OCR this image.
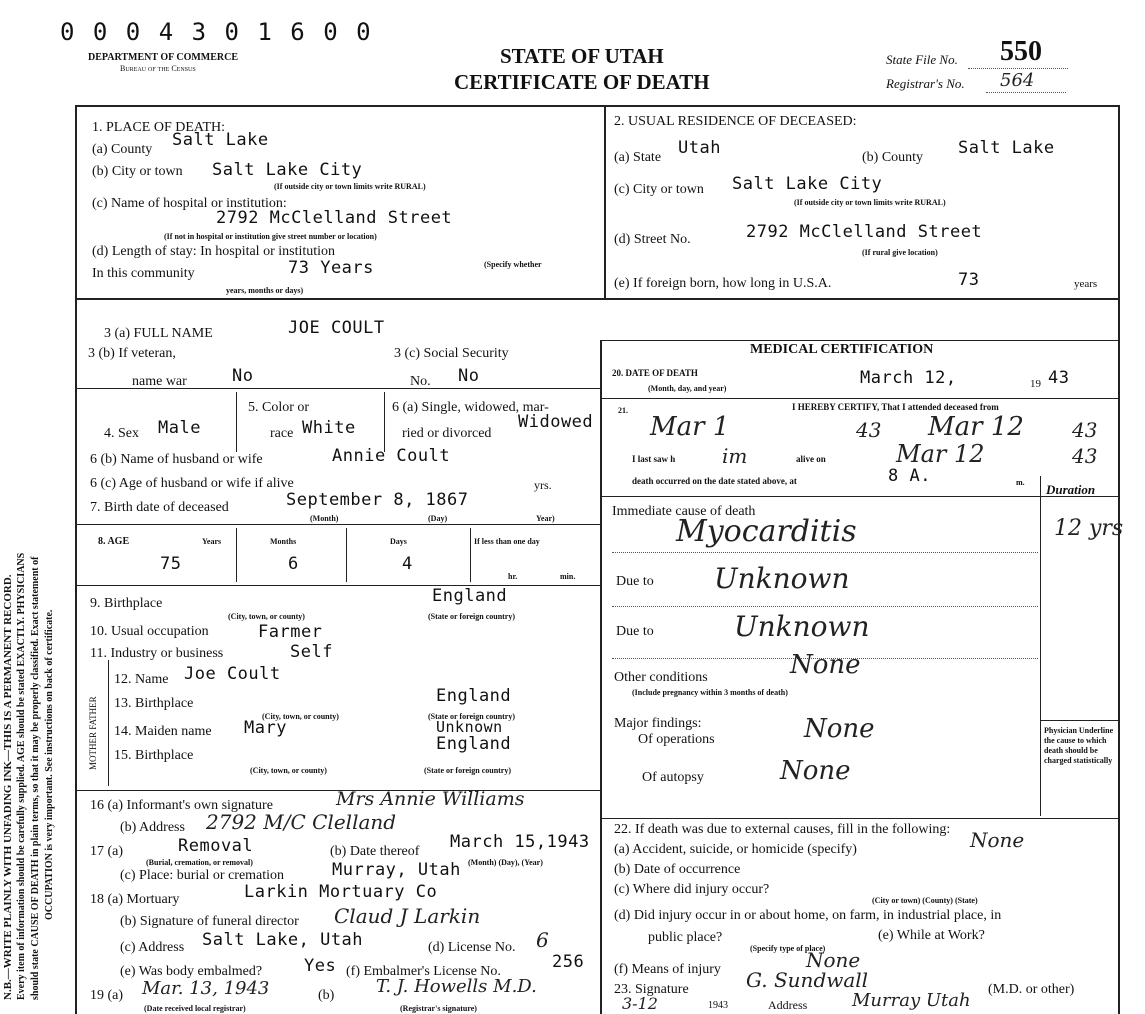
0 0 0 4 3 0 1 6 0 0
DEPARTMENT OF COMMERCE
Bureau of the Census
STATE OF UTAH
CERTIFICATE OF DEATH
State File No. 550
Registrar's No. 564
N.B.—WRITE PLAINLY WITH UNFADING INK—THIS IS A PERMANENT RECORD. Every item of information should be carefully supplied. AGE should be stated EXACTLY. PHYSICIANS should state CAUSE OF DEATH in plain terms, so that it may be properly classified. Exact statement of OCCUPATION is very important. See instructions on back of certificate.	MOTHER FATHER
1. PLACE OF DEATH:
(a) County Salt Lake
(b) City or town Salt Lake City
(If outside city or town limits write RURAL)
(c) Name of hospital or institution:
2792 McClelland Street
(If not in hospital or institution give street number or location)
(d) Length of stay: In hospital or institution
In this community	73 Years	(Specify whether
years, months or days)
2. USUAL RESIDENCE OF DECEASED:
(a) State Utah	(b) County Salt Lake
(c) City or town Salt Lake City
(If outside city or town limits write RURAL)
(d) Street No.	2792 McClelland Street
(If rural give location)
(e) If foreign born, how long in U.S.A.	73	years
3 (a) FULL NAME	JOE COULT
3 (b) If veteran,
name war	No
3 (c) Social Security
No. No
4. Sex Male
5. Color or
race White
6 (a) Single, widowed, mar-
ried or divorced
Widowed
6 (b) Name of husband or wife	Annie Coult
6 (c) Age of husband or wife if alive	yrs.
7. Birth date of deceased	September 8, 1867
(Month)	(Day)	Year)
8. AGE	Years	Months	Days	If less than one day
75	6	4
hr.	min.
9. Birthplace	England
(City, town, or county)	(State or foreign country)
10. Usual occupation	Farmer
11. Industry or business	Self
12. Name Joe Coult
13. Birthplace	England
(City, town, or county)	(State or foreign country)
14. Maiden name Mary	Unknown
15. Birthplace
England
(City, town, or county)	(State or foreign country)
16 (a) Informant's own signature	Mrs Annie Williams
(b) Address 2792 M/C Clelland
17 (a)	Removal
(Burial, cremation, or removal)
(b) Date thereof March 15,1943
(Month) (Day), (Year)
(c) Place: burial or cremation	Murray, Utah
18 (a) Mortuary	Larkin Mortuary Co
(b) Signature of funeral director Claud J Larkin
(c) Address Salt Lake, Utah	(d) License No. 6
(e) Was body embalmed? Yes (f) Embalmer's License No.	256
19 (a) Mar. 13, 1943
(Date received local registrar)
(b) T. J. Howells M.D.
(Registrar's signature)
MEDICAL CERTIFICATION
20. DATE OF DEATH
(Month, day, and year)
March 12,	19 43
21.	I HEREBY CERTIFY, That I attended deceased from
Mar 1	43 Mar 12 43
I last saw h im	alive on	Mar 12	43
death occurred on the date stated above, at	8 A.	m. Duration
Immediate cause of death
Myocarditis	12 yrs
Due to Unknown
Due to	Unknown
Other conditions
(Include pregnancy within 3 months of death)
None
Major findings:
Of operations	None
Of autopsy	None
Physician Underline the cause to which death should be charged statistically
22. If death was due to external causes, fill in the following:
(a) Accident, suicide, or homicide (specify)	None
(b) Date of occurrence
(c) Where did injury occur?
(City or town) (County) (State)
(d) Did injury occur in or about home, on farm, in industrial place, in
public place?
(Specify type of place)
(e) While at Work?
(f) Means of injury	None
23. Signature	G. Sundwall	(M.D. or other)
3-12	1943	Address Murray Utah
